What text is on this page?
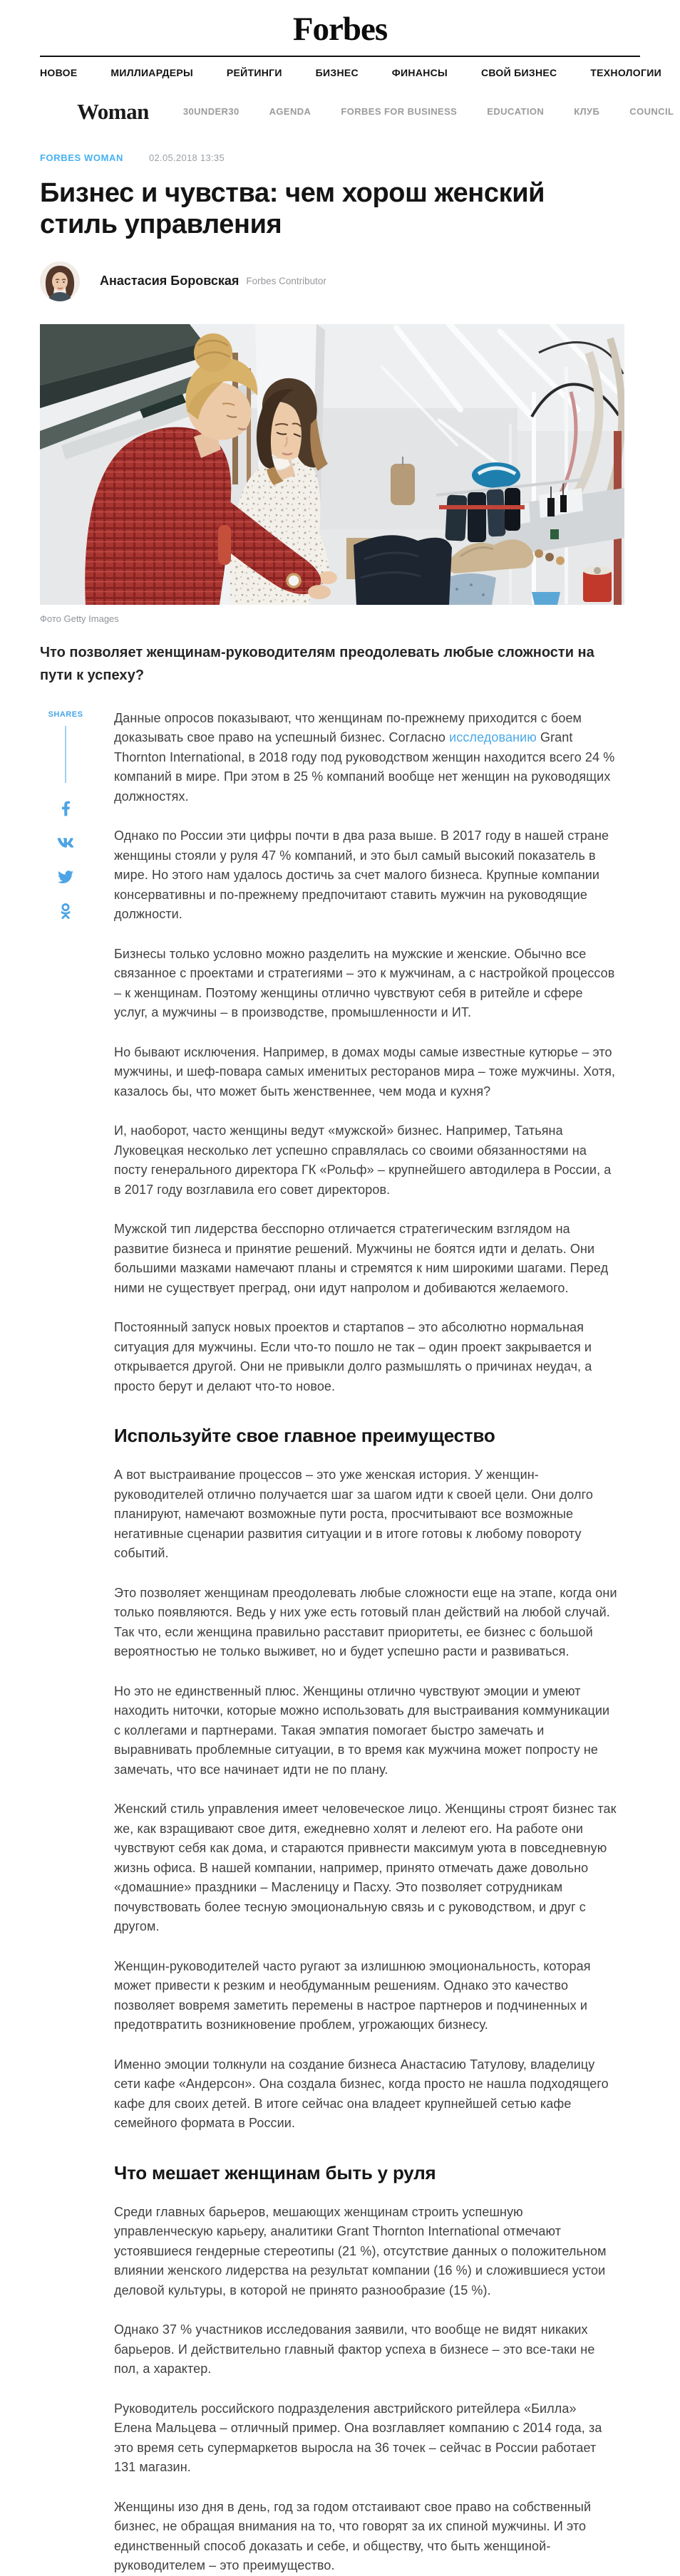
Forbes
НОВОЕ	МИЛЛИАРДЕРЫ	РЕЙТИНГИ	БИЗНЕС	ФИНАНСЫ	СВОЙ БИЗНЕС	ТЕХНОЛОГИИ
Woman	30UNDER30	AGENDA	FORBES FOR BUSINESS	EDUCATION	КЛУБ	COUNCIL
FORBES WOMAN	02.05.2018 13:35
Бизнес и чувства: чем хорош женский стиль управления
Анастасия Боровская Forbes Contributor
Фото Getty Images

Что позволяет женщинам-руководителям преодолевать любые сложности на пути к успеху?

SHARES Данные опросов показывают, что женщинам по-прежнему приходится с боем доказывать свое право на успешный бизнес. Согласно исследованию Grant Thornton International, в 2018 году под руководством женщин находится всего 24 % компаний в мире. При этом в 25 % компаний вообще нет женщин на руководящих должностях.

Однако по России эти цифры почти в два раза выше. В 2017 году в нашей стране женщины стояли у руля 47 % компаний, и это был самый высокий показатель в мире. Но этого нам удалось достичь за счет малого бизнеса. Крупные компании консервативны и по-прежнему предпочитают ставить мужчин на руководящие должности.

Бизнесы только условно можно разделить на мужские и женские. Обычно все связанное с проектами и стратегиями – это к мужчинам, а с настройкой процессов – к женщинам. Поэтому женщины отлично чувствуют себя в ритейле и сфере услуг, а мужчины – в производстве, промышленности и ИТ.

Но бывают исключения. Например, в домах моды самые известные кутюрье – это мужчины, и шеф-повара самых именитых ресторанов мира – тоже мужчины. Хотя, казалось бы, что может быть женственнее, чем мода и кухня?

И, наоборот, часто женщины ведут «мужской» бизнес. Например, Татьяна Луковецкая несколько лет успешно справлялась со своими обязанностями на посту генерального директора ГК «Рольф» – крупнейшего автодилера в России, а в 2017 году возглавила его совет директоров.

Мужской тип лидерства бесспорно отличается стратегическим взглядом на развитие бизнеса и принятие решений. Мужчины не боятся идти и делать. Они большими мазками намечают планы и стремятся к ним широкими шагами. Перед ними не существует преград, они идут напролом и добиваются желаемого.

Постоянный запуск новых проектов и стартапов – это абсолютно нормальная ситуация для мужчины. Если что-то пошло не так – один проект закрывается и открывается другой. Они не привыкли долго размышлять о причинах неудач, а просто берут и делают что-то новое.

Используйте свое главное преимущество

А вот выстраивание процессов – это уже женская история. У женщин-руководителей отлично получается шаг за шагом идти к своей цели. Они долго планируют, намечают возможные пути роста, просчитывают все возможные негативные сценарии развития ситуации и в итоге готовы к любому повороту событий.

Это позволяет женщинам преодолевать любые сложности еще на этапе, когда они только появляются. Ведь у них уже есть готовый план действий на любой случай. Так что, если женщина правильно расставит приоритеты, ее бизнес с большой вероятностью не только выживет, но и будет успешно расти и развиваться.

Но это не единственный плюс. Женщины отлично чувствуют эмоции и умеют находить ниточки, которые можно использовать для выстраивания коммуникации с коллегами и партнерами. Такая эмпатия помогает быстро замечать и выравнивать проблемные ситуации, в то время как мужчина может попросту не замечать, что все начинает идти не по плану.

Женский стиль управления имеет человеческое лицо. Женщины строят бизнес так же, как взращивают свое дитя, ежедневно холят и лелеют его. На работе они чувствуют себя как дома, и стараются привнести максимум уюта в повседневную жизнь офиса. В нашей компании, например, принято отмечать даже довольно «домашние» праздники – Масленицу и Пасху. Это позволяет сотрудникам почувствовать более тесную эмоциональную связь и с руководством, и друг с другом.

Женщин-руководителей часто ругают за излишнюю эмоциональность, которая может привести к резким и необдуманным решениям. Однако это качество позволяет вовремя заметить перемены в настрое партнеров и подчиненных и предотвратить возникновение проблем, угрожающих бизнесу.

Именно эмоции толкнули на создание бизнеса Анастасию Татулову, владелицу сети кафе «Андерсон». Она создала бизнес, когда просто не нашла подходящего кафе для своих детей. В итоге сейчас она владеет крупнейшей сетью кафе семейного формата в России.

Что мешает женщинам быть у руля

Среди главных барьеров, мешающих женщинам строить успешную управленческую карьеру, аналитики Grant Thornton International отмечают устоявшиеся гендерные стереотипы (21 %), отсутствие данных о положительном влиянии женского лидерства на результат компании (16 %) и сложившиеся устои деловой культуры, в которой не принято разнообразие (15 %).

Однако 37 % участников исследования заявили, что вообще не видят никаких барьеров. И действительно главный фактор успеха в бизнесе – это все-таки не пол, а характер.

Руководитель российского подразделения австрийского ритейлера «Билла» Елена Мальцева – отличный пример. Она возглавляет компанию с 2014 года, за это время сеть супермаркетов выросла на 36 точек – сейчас в России работает 131 магазин.

Женщины изо дня в день, год за годом отстаивают свое право на собственный бизнес, не обращая внимания на то, что говорят за их спиной мужчины. И это единственный способ доказать и себе, и обществу, что быть женщиной-руководителем – это преимущество.
